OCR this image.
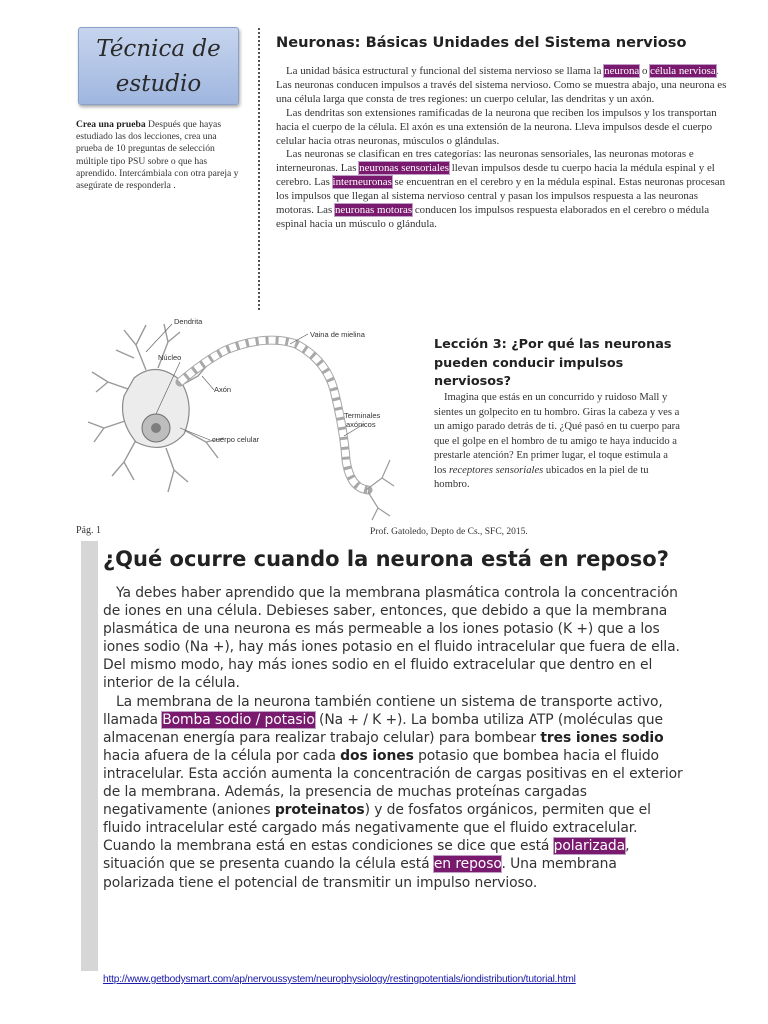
Técnica de
estudio
Crea una prueba Después que hayas estudiado las dos lecciones, crea una prueba de 10 preguntas de selección múltiple tipo PSU sobre o que has aprendido. Intercámbiala con otra pareja y asegúrate de responderla .
Neuronas: Básicas Unidades del Sistema nervioso

La unidad básica estructural y funcional del sistema nervioso se llama la neurona o célula nerviosa. Las neuronas conducen impulsos a través del sistema nervioso. Como se muestra abajo, una neurona es una célula larga que consta de tres regiones: un cuerpo celular, las dendritas y un axón.

Las dendritas son extensiones ramificadas de la neurona que reciben los impulsos y los transportan hacia el cuerpo de la célula. El axón es una extensión de la neurona. Lleva impulsos desde el cuerpo celular hacia otras neuronas, músculos o glándulas.

Las neuronas se clasifican en tres categorías: las neuronas sensoriales, las neuronas motoras e interneuronas. Las neuronas sensoriales llevan impulsos desde tu cuerpo hacia la médula espinal y el cerebro. Las interneuronas se encuentran en el cerebro y en la médula espinal. Estas neuronas procesan los impulsos que llegan al sistema nervioso central y pasan los impulsos respuesta a las neuronas motoras. Las neuronas motoras conducen los impulsos respuesta elaborados en el cerebro o médula espinal hacia un músculo o glándula.

Dendrita
Vaina de mielina
Núcleo
Axón
Terminales
axónicos
cuerpo celular
Lección 3: ¿Por qué las neuronas pueden conducir impulsos nerviosos?

Imagina que estás en un concurrido y ruidoso Mall y sientes un golpecito en tu hombro. Giras la cabeza y ves a un amigo parado detrás de ti. ¿Qué pasó en tu cuerpo para que el golpe en el hombro de tu amigo te haya inducido a prestarle atención? En primer lugar, el toque estimula a los receptores sensoriales ubicados en la piel de tu hombro.

Pág. 1	Prof. Gatoledo, Depto de Cs., SFC, 2015.
¿Qué ocurre cuando la neurona está en reposo?

Ya debes haber aprendido que la membrana plasmática controla la concentración de iones en una célula. Debieses saber, entonces, que debido a que la membrana plasmática de una neurona es más permeable a los iones potasio (K +) que a los iones sodio (Na +), hay más iones potasio en el fluido intracelular que fuera de ella. Del mismo modo, hay más iones sodio en el fluido extracelular que dentro en el interior de la célula.

La membrana de la neurona también contiene un sistema de transporte activo, llamada Bomba sodio / potasio (Na + / K +). La bomba utiliza ATP (moléculas que almacenan energía para realizar trabajo celular) para bombear tres iones sodio hacia afuera de la célula por cada dos iones potasio que bombea hacia el fluido intracelular. Esta acción aumenta la concentración de cargas positivas en el exterior de la membrana. Además, la presencia de muchas proteínas cargadas negativamente (aniones proteinatos) y de fosfatos orgánicos, permiten que el fluido intracelular esté cargado más negativamente que el fluido extracelular. Cuando la membrana está en estas condiciones se dice que está polarizada, situación que se presenta cuando la célula está en reposo. Una membrana polarizada tiene el potencial de transmitir un impulso nervioso.

http://www.getbodysmart.com/ap/nervoussystem/neurophysiology/restingpotentials/iondistribution/tutorial.html
